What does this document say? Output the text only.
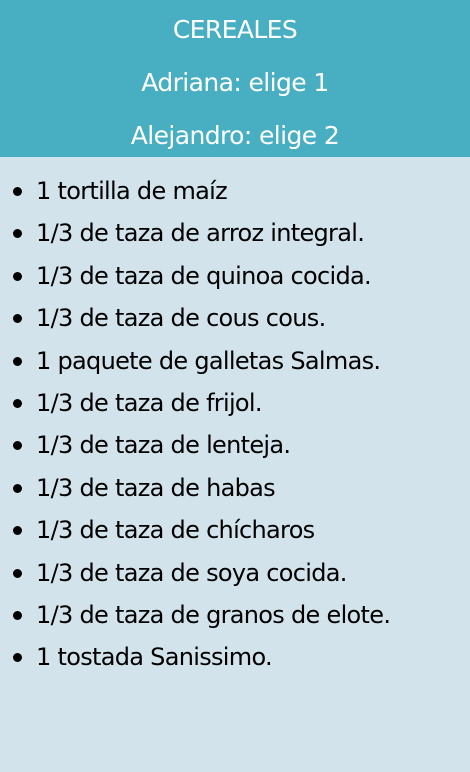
CEREALES
Adriana: elige 1
Alejandro: elige 2
1 tortilla de maíz
1/3 de taza de arroz integral.
1/3 de taza de quinoa cocida.
1/3 de taza de cous cous.
1 paquete de galletas Salmas.
1/3 de taza de frijol.
1/3 de taza de lenteja.
1/3 de taza de habas
1/3 de taza de chícharos
1/3 de taza de soya cocida.
1/3 de taza de granos de elote.
1 tostada Sanissimo.
